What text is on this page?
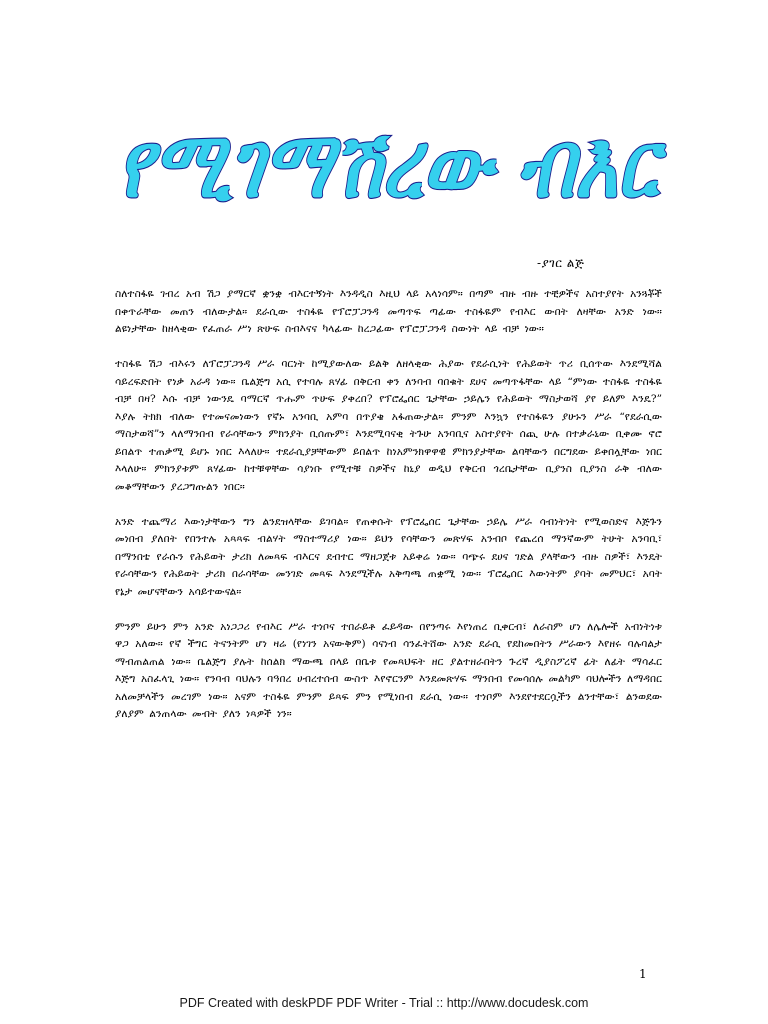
የሚገማሽረው ብእር
-ያገር ልጅ

ስለተስፋዬ ገብረ አብ ሽጋ ያማርኛ ቋንቋ ብእርተኝነት እንዳዲስ እዚህ ላይ አላነሳም። በጣም ብዙ ብዙ ተቺዎችና አስተያየት አንጓቾች በቀጥራቸው መጠን ብለውታል። ደራሲው ተስፋዬ የፕሮፓጋንዳ መጣጥፍ ጣፊው ተስፋዬም የብእር ውበት ለዛቸው አንድ ነው። ልዩነታቸው ከዘላቂው የፈጠራ ሥነ ጽሁፍ ስብእናና ካላፊው ከረጋፊው የፕሮፓጋንዳ ስውነት ላይ ብቻ ነው።

ተስፋዬ ሽጋ ብእሩን ለፕሮፓጋንዳ ሥራ ባርነት ከሚያውለው ይልቅ ለዘላቂው ሕያው የደራሲነት የሕይወት ጥሪ ቢሰጥው እንደሚሻል ሳይረፍድበት የነቃ አራዳ ነው። ቤልጅግ አሲ የተባሉ ጸሃፊ በቅርብ ቀን ለንባብ ባበቁት ደሀና መጣጥፋቸው ላይ “ምነው ተስፋዬ ተስፋዬ ብቻ በዛ? እሱ ብቻ ነውንዴ ባማርኛ ጥሑም ጥሁፍ ያቀረበ? የፕሮፌሰር ጌታቸው ኃይሌን የሕይወት ማስታወሻ ያየ ይለም እንዴ?” እያሉ ትክክ ብለው የተመናመነውን የኛኑ አንባቢ አምባ በጥያቄ አፋጠውታል። ምንም እንኳን የተስፋዬን ያሁኑን ሥራ “የደራሲው ማስታወሻ”ን ላለማንበብ የራሳቸውን ምክንያት ቢሰጡም፣ እንደሚባናቂ ትጉሁ አንባቢና አስተያየት ሰጪ ሁሉ በተቃራኒው ቢቀሙ ኖሮ ይበልጥ ተጠቃሚ ይሆኑ ነበር እላለሁ። ተደራሲያቻቸውም ይበልጥ ከነአምንክዋዋዊ ምክንያታቸው ልባቸውን በርግደው ይቀበሏቸው ነበር እላለሁ። ምክንያቱም ጸሃፊው ከተቹዋቸው ሳያነቡ የሚተቹ ስዎችና ከኒያ ወዲህ የቅርብ ጎረቤታቸው ቢያንስ ቢያንስ ራቅ ብለው መቆማቸውን ያረጋግጡልን ነበር።

አንድ ተጨማሪ እውነታቸውን ግን ልንደዝላቸው ይገባል። የጠቀሱት የፕሮፌሰር ጌታቸው ኃይሌ ሥራ ሳብነትነት የሚወስድና እጅጉን መነበብ ያለበት የበንተሉ አጻጻፍ ብልሃት ማስተማሪያ ነው። ይህን የሳቸውን መጽሃፍ አንብቦ የጨረሰ ማንኛውም ትሁት አንባቢ፣ በማንበቴ የራሱን የሕይወት ታሪክ ለመጻፍ ብእርና ደብተር ማዘጋጀቱ አይቀሬ ነው። ባጭሩ ደሀና ገድል ያላቸውን ብዙ ስዎች፣ እንዴት የራሳቸውን የሕይወት ታሪክ በራሳቸው መንገድ መጻፍ እንደሚችሉ አቅጣጫ ጠቋሚ ነው። ፕሮፌሰር እውነትም ያባት መምህር፣ አባት የኔታ መሆናቸውን አሳይተውናል።

ምንም ይሁን ምን አንድ አነጋጋሪ የብእር ሥራ ተነቦና ተበራይቶ ፈይዳው በየንጣሩ እየነጠረ ቢቀርብ፣ ለራስም ሆነ ለሌሎች አብነትነቱ ዋጋ አለው። የኛ ችግር ትናንትም ሆነ ዛሬ (የነገን አናውቅም) ሳናነብ ሳንፈትሸው አንድ ደራሲ የደከመበትን ሥራውን እየዘሩ ባሉባልታ ማብጠልጠል ነው። ቤልጅግ ያሉት ከሰልክ ማውጫ በላይ በቤቱ የመጻህፍት ዘር ያልተዘራበትን ጉረኛ ዲያስፖረኛ ፊት ለፊት ማሳፈር እጅግ አስፈላጊ ነው። የንባብ ባህሉን ባዓበረ ሀብረተሰብ ውስጥ እየኖርንም እንደመጽሃፍ ማንበብ የመሳሰሉ መልካም ባህሎችን ለማዳበር አለመቻላችን መረገም ነው። አናም ተስፋዬ ምንም ይጻፍ ምን የሚነበብ ደራሲ ነው። ተነቦም እንደየተደርሷችን ልንተቸው፣ ልንወደው ያለያም ልንጠላው መብት ያለን ነጻዎች ነን።

1
PDF Created with deskPDF PDF Writer - Trial :: http://www.docudesk.com
